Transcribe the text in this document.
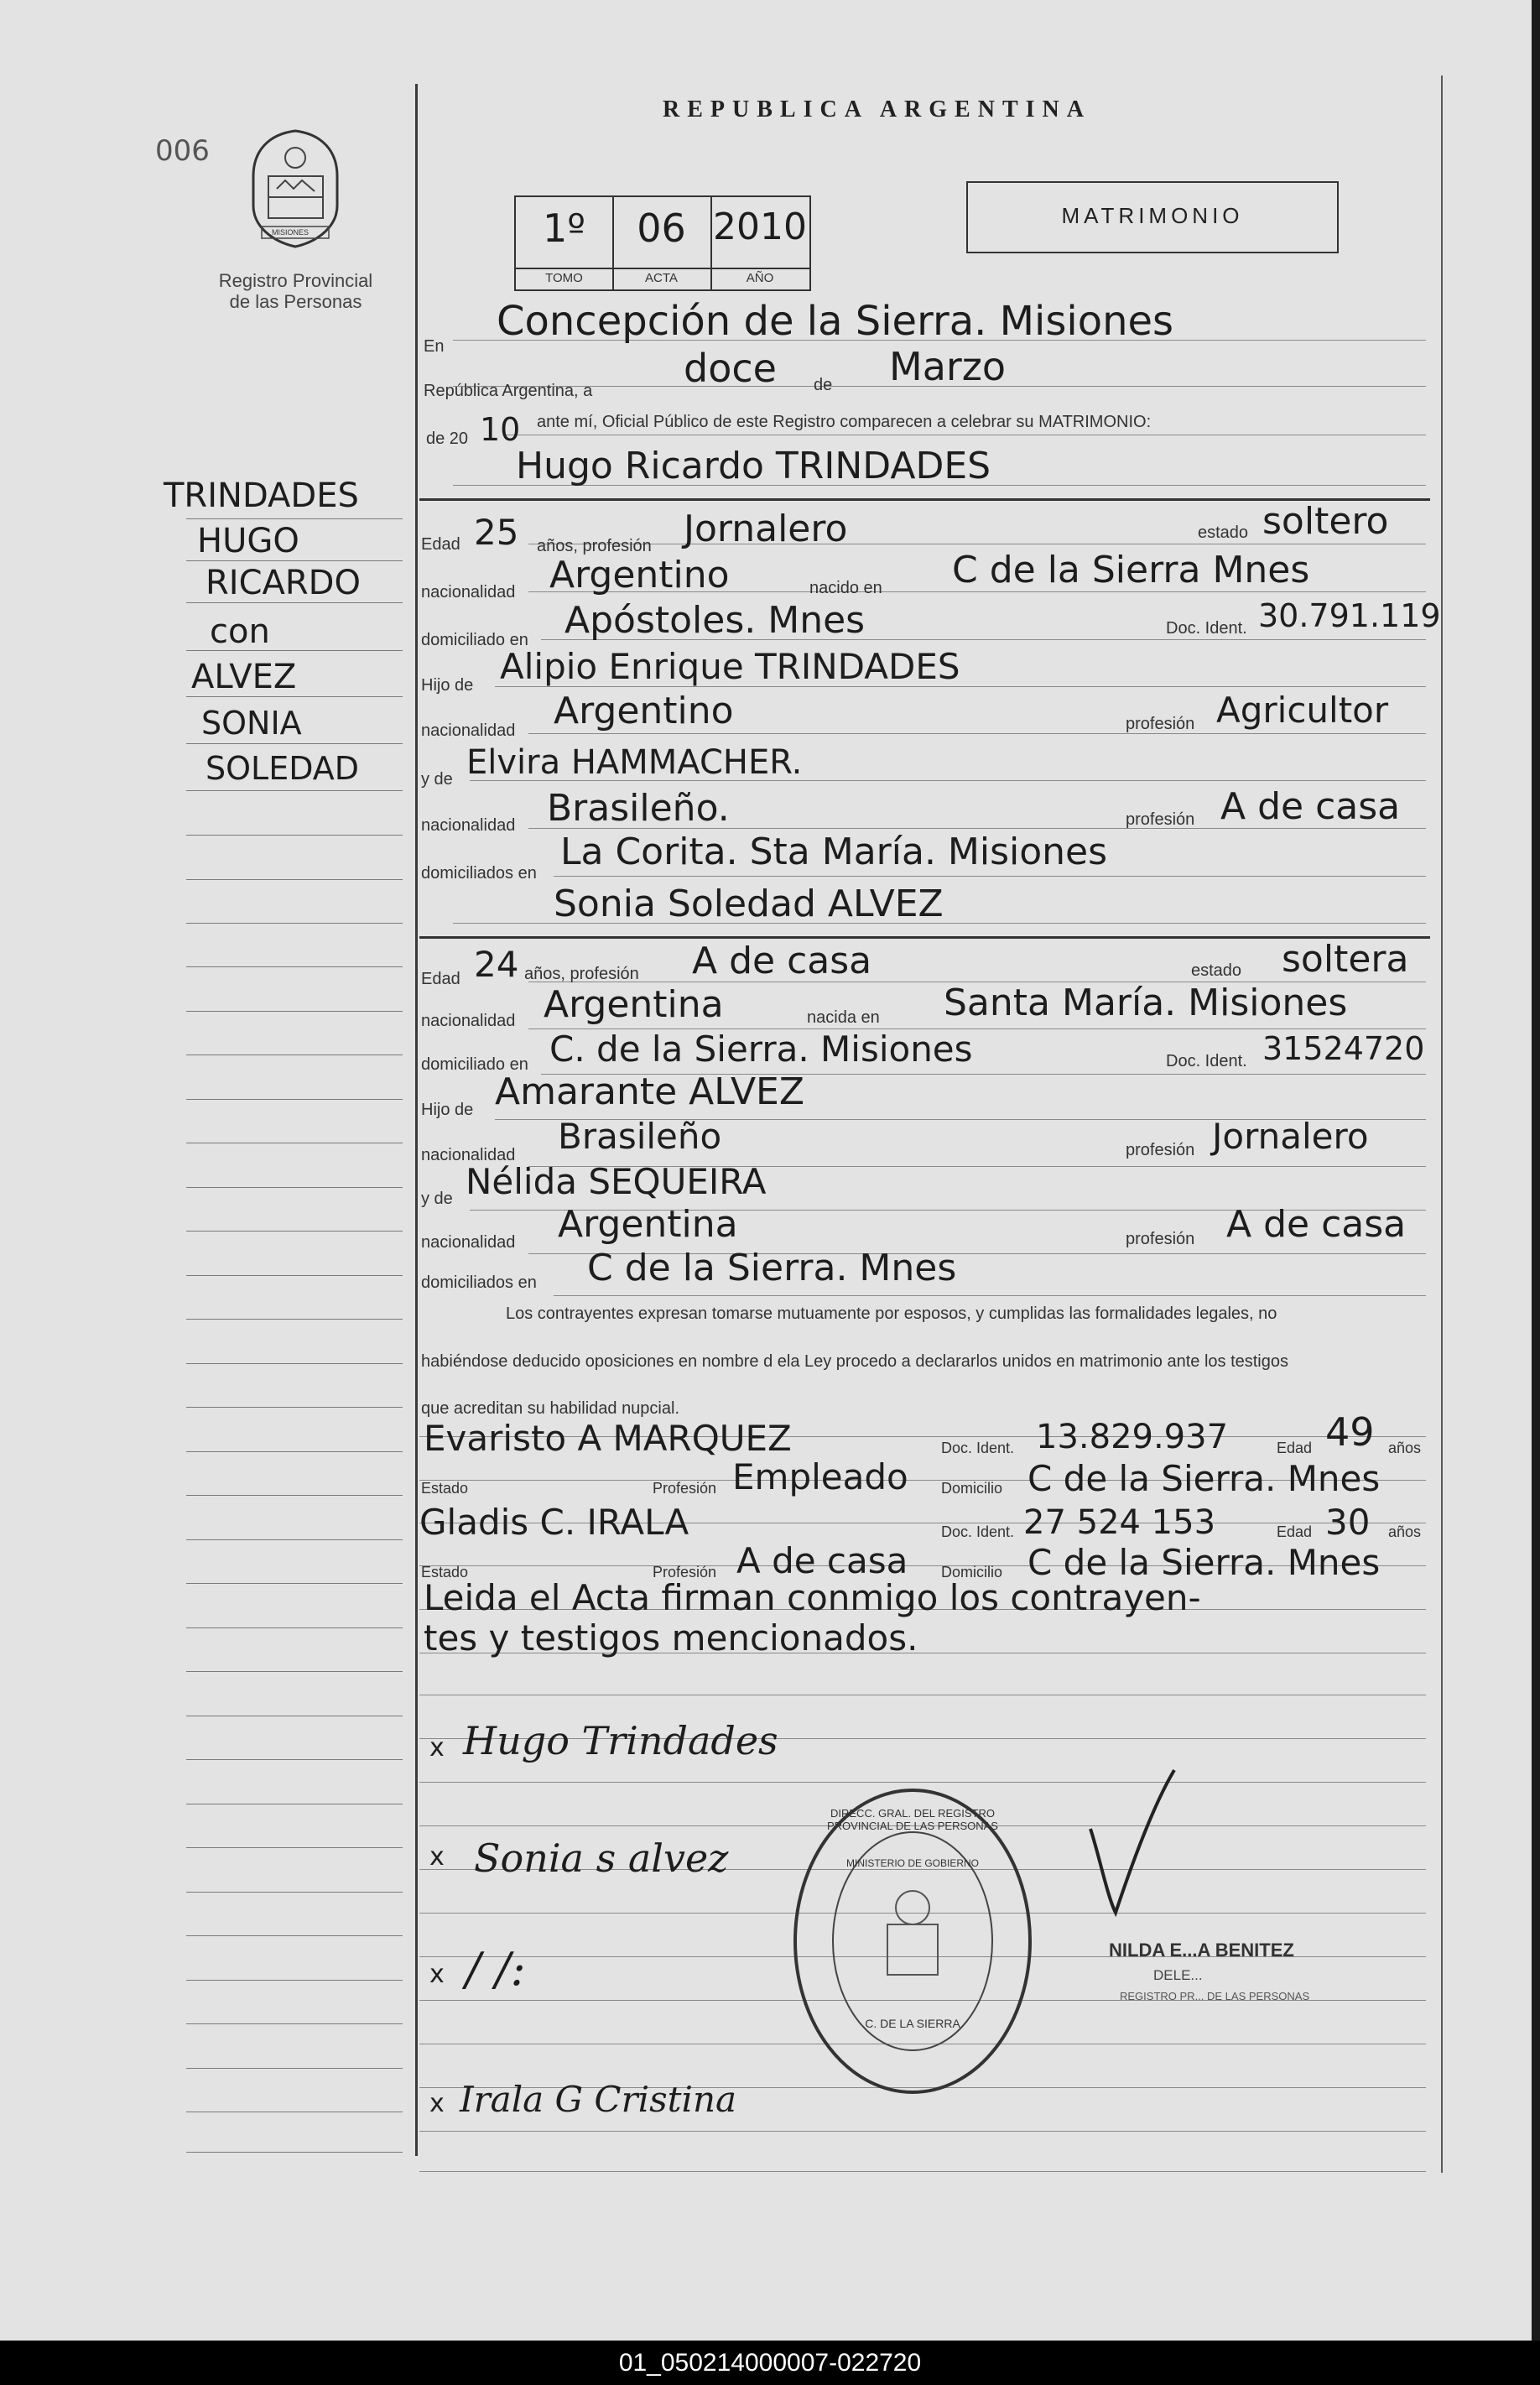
006
MISIONES
Registro Provincial
de las Personas
REPUBLICA ARGENTINA
1º	06 2010
TOMO	ACTA	AÑO
MATRIMONIO
TRINDADES
HUGO
RICARDO
con
ALVEZ
SONIA
SOLEDAD
En
Concepción de la Sierra. Misiones
República Argentina, a doce de Marzo
de 20 10 ante mí, Oficial Público de este Registro comparecen a celebrar su MATRIMONIO:
Hugo Ricardo TRINDADES
Edad 25 años, profesión Jornalero	estado soltero
nacionalidad Argentino	nacido en C de la Sierra Mnes
domiciliado en Apóstoles. Mnes	Doc. Ident. 30.791.119
Hijo de Alipio Enrique TRINDADES
nacionalidad Argentino	profesión Agricultor
y de Elvira HAMMACHER.
nacionalidad Brasileño.	profesión A de casa
domiciliados en La Corita. Sta María. Misiones
Sonia Soledad ALVEZ
Edad 24 años, profesión A de casa	estado soltera
nacionalidad Argentina	nacida en Santa María. Misiones
domiciliado en C. de la Sierra. Misiones	Doc. Ident. 31524720
Hijo de Amarante ALVEZ
nacionalidad Brasileño	profesión Jornalero
y de Nélida SEQUEIRA
nacionalidad Argentina	profesión A de casa
domiciliados en C de la Sierra. Mnes
Los contrayentes expresan tomarse mutuamente por esposos, y cumplidas las formalidades legales, no
habiéndose deducido oposiciones en nombre d ela Ley procedo a declararlos unidos en matrimonio ante los testigos
que acreditan su habilidad nupcial.
Evaristo A MARQUEZ	Doc. Ident. 13.829.937	Edad 49 años
Estado	Profesión Empleado Domicilio C de la Sierra. Mnes
Gladis C. IRALA	Doc. Ident. 27 524 153	Edad 30 años
Estado	Profesión A de casa Domicilio C de la Sierra. Mnes
Leida el Acta firman conmigo los contrayen-
tes y testigos mencionados.
x Hugo Trindades
x Sonia s alvez
x / /:
x Irala G Cristina
DIRECC. GRAL. DEL REGISTRO PROVINCIAL DE LAS PERSONAS
MINISTERIO DE GOBIERNO
C. DE LA SIERRA
NILDA E...A BENITEZ
DELE...
REGISTRO PR... DE LAS PERSONAS
01_050214000007-022720
